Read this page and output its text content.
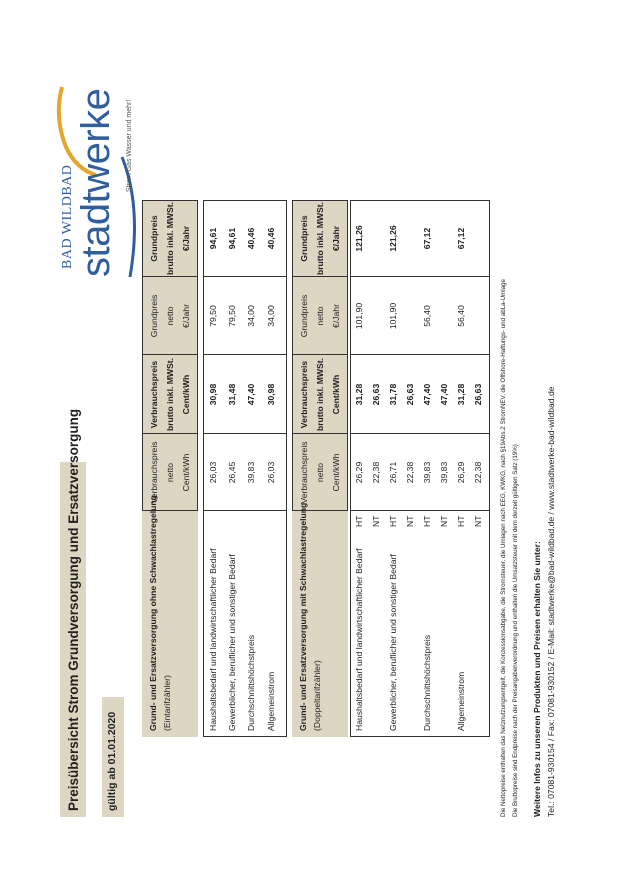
Preisübersicht Strom Grundversorgung und Ersatzversorgung gültig ab 01.01.2020
BAD WILDBAD stadtwerke Strom Gas Wasser und mehr!
Grund- und Ersatzversorgung ohne Schwachlastregelung (Eintarifzähler)
Verbrauchspreis netto Cent/kWh
Verbrauchspreis brutto inkl. MWSt. Cent/kWh
Grundpreis netto €/Jahr
Grundpreis brutto inkl. MWSt. €/Jahr
Haushaltsbedarf und landwirtschaftlicher Bedarf
26,03
30,98
79,50
94,61
Gewerblicher, beruflicher und sonstiger Bedarf
26,45
31,48
79,50
94,61
Durchschnittshöchstpreis
39,83
47,40
34,00
40,46
Allgemeinstrom
26,03
30,98
34,00
40,46
Grund- und Ersatzversorgung mit Schwachlastregelung (Doppeltarifzähler)
Verbrauchspreis netto Cent/kWh
Verbrauchspreis brutto inkl. MWSt. Cent/kWh
Grundpreis netto €/Jahr
Grundpreis brutto inkl. MWSt. €/Jahr
Haushaltsbedarf und landwirtschaftlicher Bedarf
HT
26,29
31,28
101,90
121,26
NT
22,38
26,63
Gewerblicher, beruflicher und sonstiger Bedarf
HT
26,71
31,78
101,90
121,26
NT
22,38
26,63
Durchschnittshöchstpreis
HT
39,83
47,40
56,40
67,12
NT
39,83
47,40
Allgemeinstrom
HT
26,29
31,28
56,40
67,12
NT
22,38
26,63	Die Nettopreise enthalten das Netznutzungsentgelt, die Konzessionsabgabe, die Stromsteuer, die Umlagen nach EEG, KWKG, nach §19Abs.2 StromNEV, die Offshore-Haftungs- und abLa-Umlage Die Bruttopreise sind Endpreise nach der Preisangabenverordnung und enthalten die Umsatzsteuer mit dem derzeit gültigen Satz (19%) Weitere Infos zu unseren Produkten und Preisen erhalten Sie unter: Tel.: 07081-930154 / Fax: 07081-930152 / E-Mail: stadtwerke@bad-wildbad.de / www.stadtwerke-bad-wildbad.de
